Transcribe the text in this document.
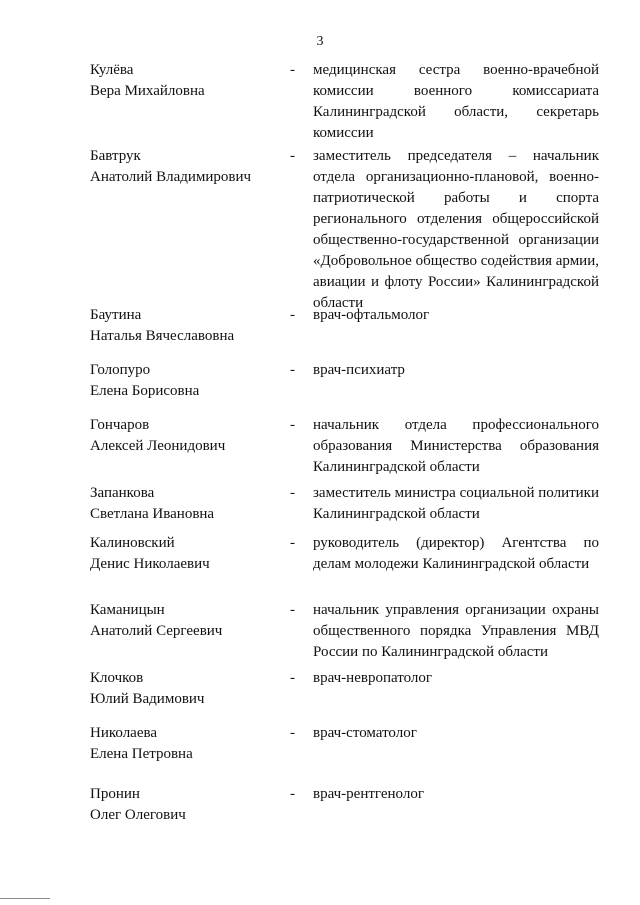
3
Кулёва
Вера Михайловна
- медицинская сестра военно-врачебной комиссии военного комиссариата Калининградской области, секретарь комиссии
Бавтрук
Анатолий Владимирович
- заместитель председателя – начальник отдела организационно-плановой, военно-патриотической работы и спорта регионального отделения общероссийской общественно-государственной организации «Добровольное общество содействия армии, авиации и флоту России» Калининградской области
Баутина
Наталья Вячеславовна
- врач-офтальмолог
Голопуро
Елена Борисовна
- врач-психиатр
Гончаров
Алексей Леонидович
- начальник отдела профессионального образования Министерства образования Калининградской области
Запанкова
Светлана Ивановна
- заместитель министра социальной политики Калининградской области
Калиновский
Денис Николаевич
- руководитель (директор) Агентства по делам молодежи Калининградской области
Каманицын
Анатолий Сергеевич
- начальник управления организации охраны общественного порядка Управления МВД России по Калининградской области
Клочков
Юлий Вадимович
- врач-невропатолог
Николаева
Елена Петровна
- врач-стоматолог
Пронин
Олег Олегович
- врач-рентгенолог
